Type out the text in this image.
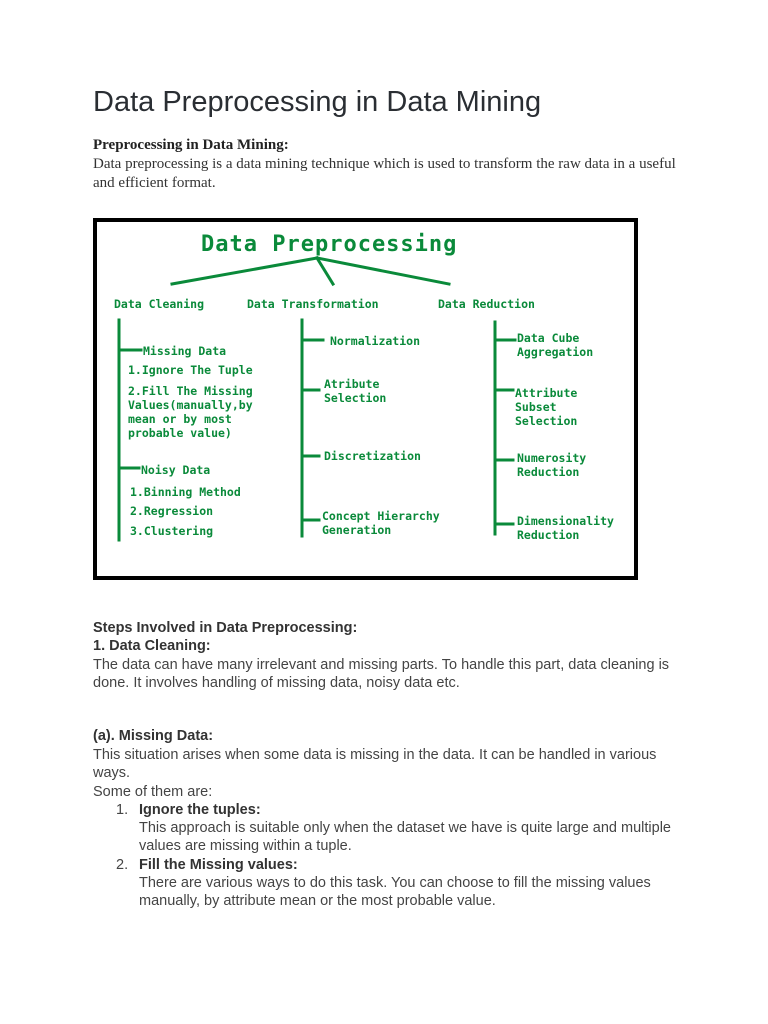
Data Preprocessing in Data Mining
Preprocessing in Data Mining:
Data preprocessing is a data mining technique which is used to transform the raw data in a useful and efficient format.
Data Preprocessing
Data Cleaning	Data Transformation	Data Reduction
Missing Data
1.Ignore The Tuple
2.Fill The Missing
Values(manually,by
mean or by most
probable value)
Noisy Data
1.Binning Method
2.Regression
3.Clustering
Normalization
Atribute
Selection
Discretization
Concept Hierarchy
Generation
Data Cube
Aggregation
Attribute
Subset
Selection
Numerosity
Reduction
Dimensionality
Reduction
Steps Involved in Data Preprocessing:
1. Data Cleaning:
The data can have many irrelevant and missing parts. To handle this part, data cleaning is done. It involves handling of missing data, noisy data etc.
(a). Missing Data:
This situation arises when some data is missing in the data. It can be handled in various ways.
Some of them are:
1. Ignore the tuples:
This approach is suitable only when the dataset we have is quite large and multiple values are missing within a tuple.
2. Fill the Missing values:
There are various ways to do this task. You can choose to fill the missing values manually, by attribute mean or the most probable value.
